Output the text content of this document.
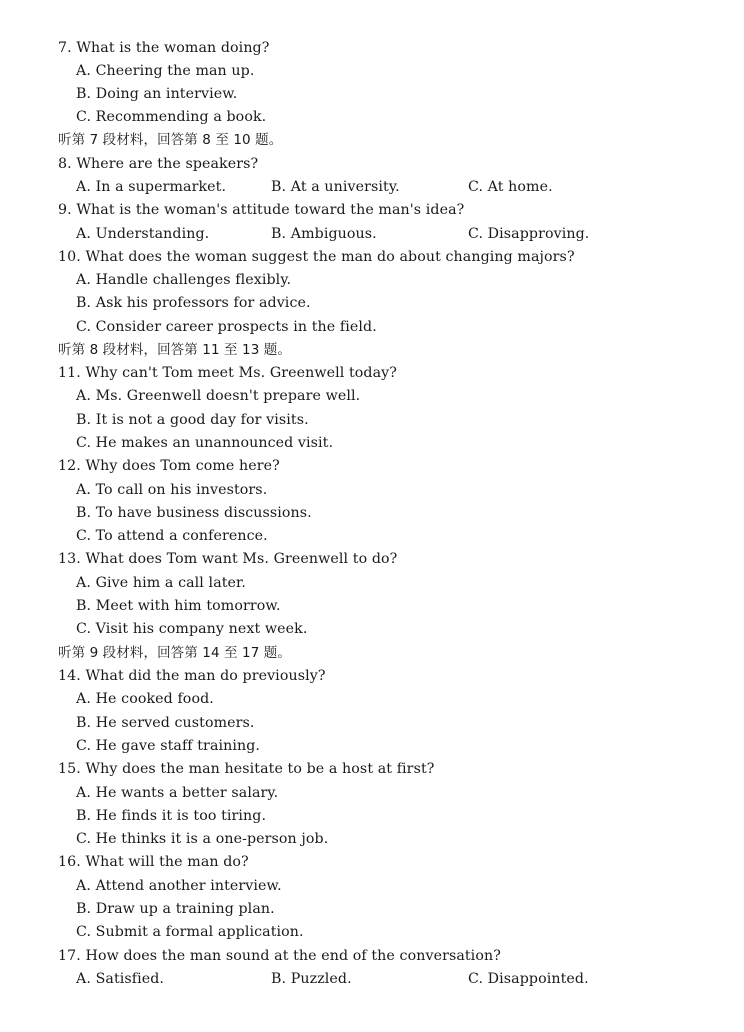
7. What is the woman doing?
A. Cheering the man up.
B. Doing an interview.
C. Recommending a book.
听第 7 段材料，回答第 8 至 10 题。
8. Where are the speakers?
A. In a supermarket.	B. At a university.	C. At home.
9. What is the woman's attitude toward the man's idea?
A. Understanding.	B. Ambiguous.	C. Disapproving.
10. What does the woman suggest the man do about changing majors?
A. Handle challenges flexibly.
B. Ask his professors for advice.
C. Consider career prospects in the field.
听第 8 段材料，回答第 11 至 13 题。
11. Why can't Tom meet Ms. Greenwell today?
A. Ms. Greenwell doesn't prepare well.
B. It is not a good day for visits.
C. He makes an unannounced visit.
12. Why does Tom come here?
A. To call on his investors.
B. To have business discussions.
C. To attend a conference.
13. What does Tom want Ms. Greenwell to do?
A. Give him a call later.
B. Meet with him tomorrow.
C. Visit his company next week.
听第 9 段材料，回答第 14 至 17 题。
14. What did the man do previously?
A. He cooked food.
B. He served customers.
C. He gave staff training.
15. Why does the man hesitate to be a host at first?
A. He wants a better salary.
B. He finds it is too tiring.
C. He thinks it is a one-person job.
16. What will the man do?
A. Attend another interview.
B. Draw up a training plan.
C. Submit a formal application.
17. How does the man sound at the end of the conversation?
A. Satisfied.	B. Puzzled.	C. Disappointed.
